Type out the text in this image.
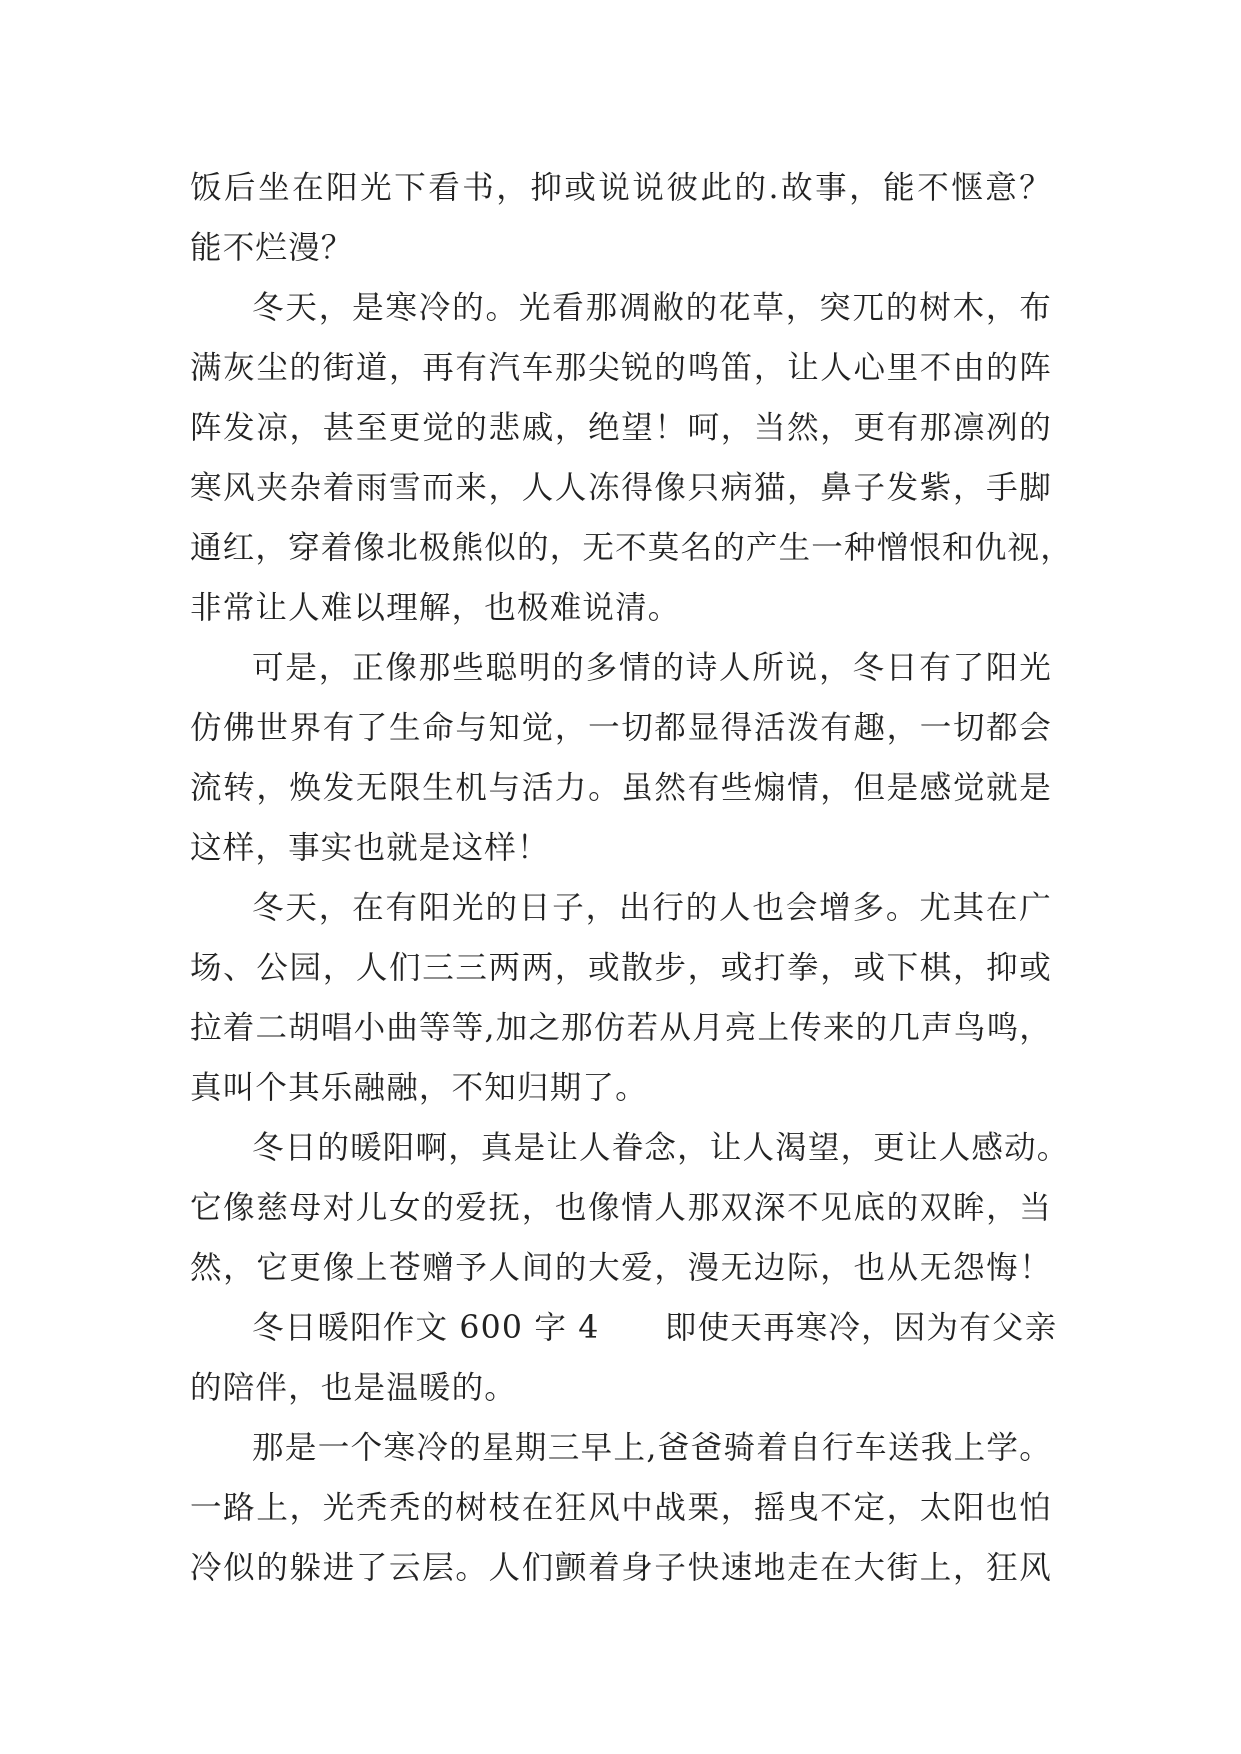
饭后坐在阳光下看书，抑或说说彼此的.故事，能不惬意？
能不烂漫？
冬天，是寒冷的。光看那凋敝的花草，突兀的树木，布
满灰尘的街道，再有汽车那尖锐的鸣笛，让人心里不由的阵
阵发凉，甚至更觉的悲戚，绝望！呵，当然，更有那凛冽的
寒风夹杂着雨雪而来，人人冻得像只病猫，鼻子发紫，手脚
通红，穿着像北极熊似的，无不莫名的产生一种憎恨和仇视，
非常让人难以理解，也极难说清。
可是，正像那些聪明的多情的诗人所说，冬日有了阳光
仿佛世界有了生命与知觉，一切都显得活泼有趣，一切都会
流转，焕发无限生机与活力。虽然有些煽情，但是感觉就是
这样，事实也就是这样！
冬天，在有阳光的日子，出行的人也会增多。尤其在广
场、公园，人们三三两两，或散步，或打拳，或下棋，抑或
拉着二胡唱小曲等等,加之那仿若从月亮上传来的几声鸟鸣，
真叫个其乐融融，不知归期了。
冬日的暖阳啊，真是让人眷念，让人渴望，更让人感动。
它像慈母对儿女的爱抚，也像情人那双深不见底的双眸，当
然，它更像上苍赠予人间的大爱，漫无边际，也从无怨悔！
冬日暖阳作文 600 字 4　　即使天再寒冷，因为有父亲
的陪伴，也是温暖的。
那是一个寒冷的星期三早上,爸爸骑着自行车送我上学。
一路上，光秃秃的树枝在狂风中战栗，摇曳不定，太阳也怕
冷似的躲进了云层。人们颤着身子快速地走在大街上，狂风
